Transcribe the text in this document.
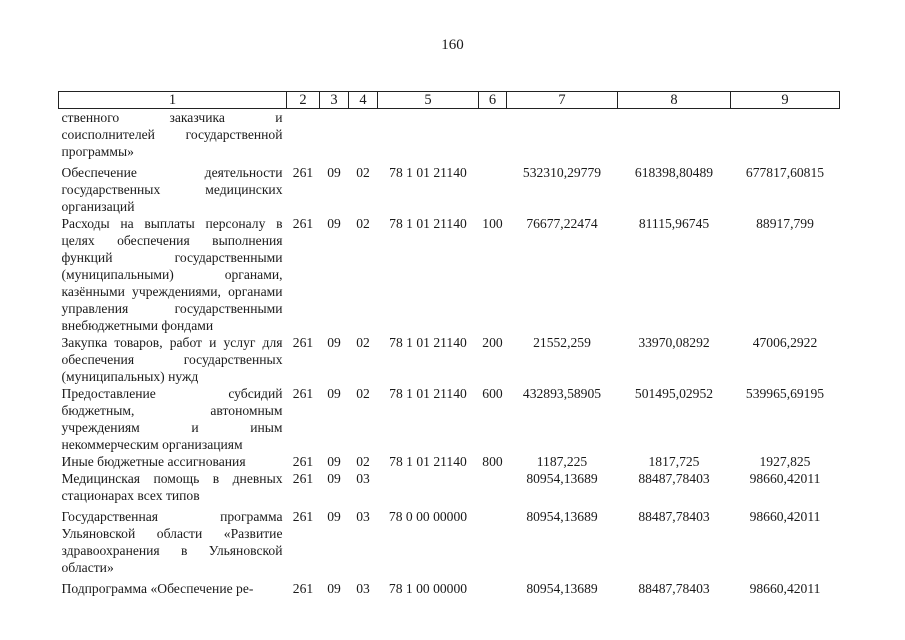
160
1	2	3	4	5	6	7	8	9
ственного заказчика и соисполнителей государственной программы»								
Обеспечение деятельности государственных медицинских организаций	261	09	02	78 1 01 21140		532310,29779	618398,80489	677817,60815
Расходы на выплаты персоналу в целях обеспечения выполнения функций государственными (муниципальными) органами, казёнными учреждениями, органами управления государственными внебюджетными фондами	261	09	02	78 1 01 21140	100	76677,22474	81115,96745	88917,799
Закупка товаров, работ и услуг для обеспечения государственных (муниципальных) нужд	261	09	02	78 1 01 21140	200	21552,259	33970,08292	47006,2922
Предоставление субсидий бюджетным, автономным учреждениям и иным некоммерческим организациям	261	09	02	78 1 01 21140	600	432893,58905	501495,02952	539965,69195
Иные бюджетные ассигнования	261	09	02	78 1 01 21140	800	1187,225	1817,725	1927,825
Медицинская помощь в дневных стационарах всех типов	261	09	03			80954,13689	88487,78403	98660,42011
Государственная программа Ульяновской области «Развитие здравоохранения в Ульяновской области»	261	09	03	78 0 00 00000		80954,13689	88487,78403	98660,42011
Подпрограмма «Обеспечение ре-	261	09	03	78 1 00 00000		80954,13689	88487,78403	98660,42011
